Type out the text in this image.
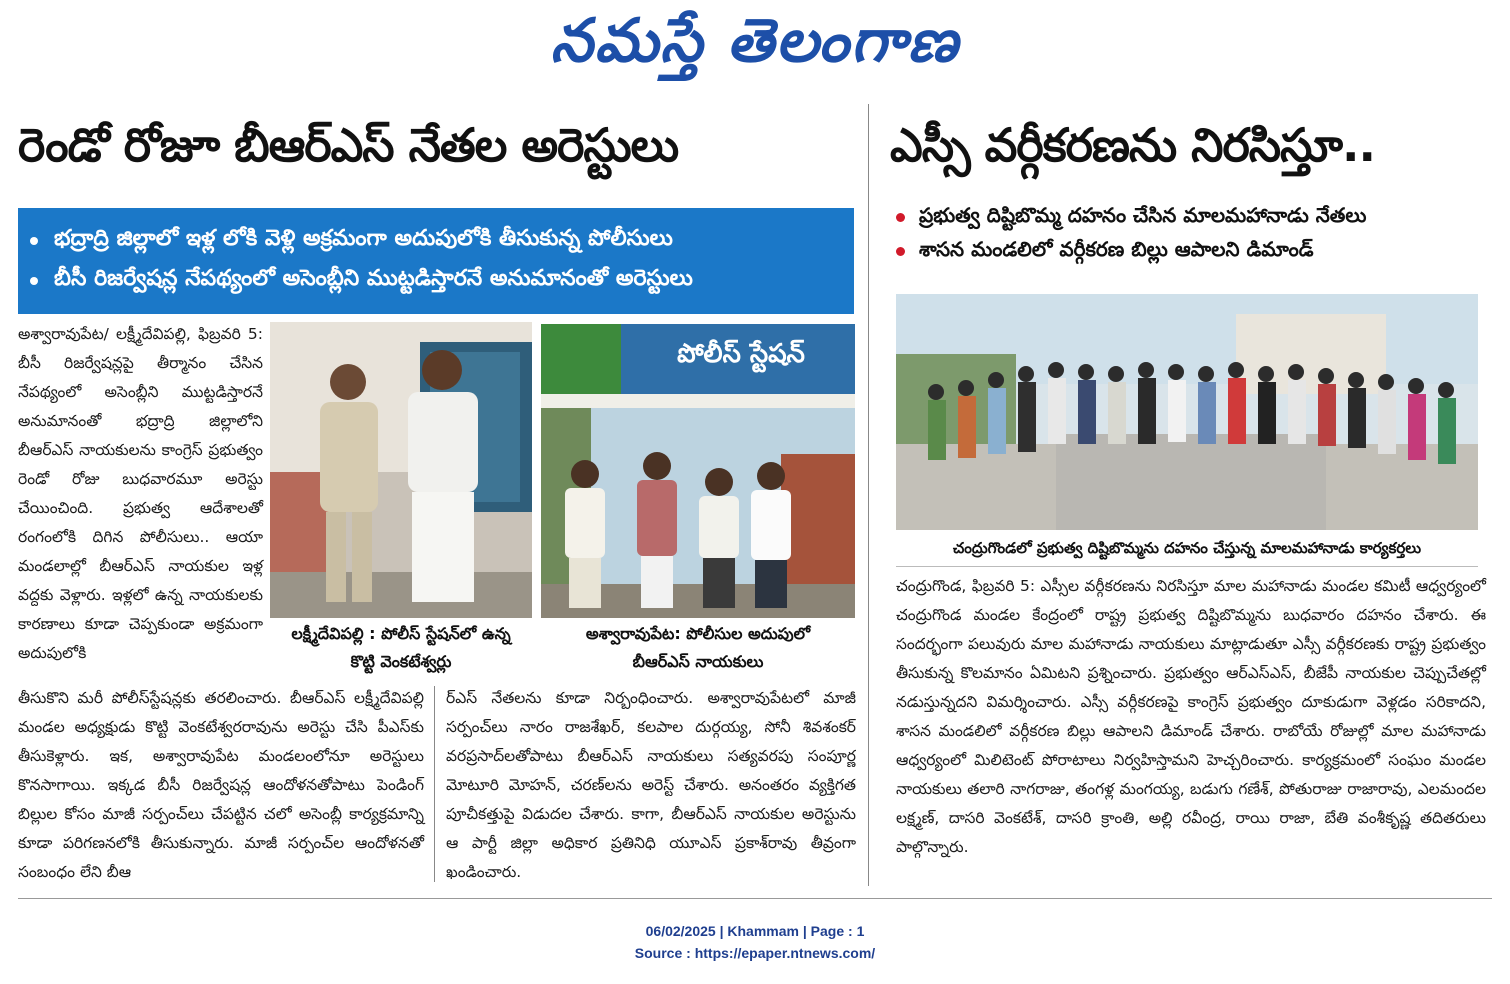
నమస్తే తెలంగాణ
రెండో రోజూ బీఆర్ఎస్ నేతల అరెస్టులు
భద్రాద్రి జిల్లాలో ఇళ్ల లోకి వెళ్లి అక్రమంగా అదుపులోకి తీసుకున్న పోలీసులు
బీసీ రిజర్వేషన్ల నేపథ్యంలో అసెంబ్లీని ముట్టడిస్తారనే అనుమానంతో అరెస్టులు
అశ్వారావుపేట/ లక్ష్మీదేవిపల్లి, ఫిబ్రవరి 5: బీసీ రిజర్వేషన్లపై తీర్మానం చేసిన నేపథ్యంలో అసెంబ్లీని ముట్టడిస్తారనే అనుమానంతో భద్రాద్రి జిల్లాలోని బీఆర్ఎస్ నాయకులను కాంగ్రెస్ ప్రభుత్వం రెండో రోజు బుధవారమూ అరెస్టు చేయించింది. ప్రభుత్వ ఆదేశాలతో రంగంలోకి దిగిన పోలీసులు.. ఆయా మండలాల్లో బీఆర్ఎస్ నాయకుల ఇళ్ల వద్దకు వెళ్లారు. ఇళ్లలో ఉన్న నాయకులకు కారణాలు కూడా చెప్పకుండా అక్రమంగా అదుపులోకి
లక్ష్మీదేవిపల్లి : పోలీస్ స్టేషన్‌లో ఉన్న
కొట్టి వెంకటేశ్వర్లు
పోలీస్ స్టేషన్
అశ్వారావుపేట: పోలీసుల అదుపులో
బీఆర్ఎస్ నాయకులు
తీసుకొని మరీ పోలీస్‌స్టేషన్లకు తరలించారు. బీఆర్ఎస్ లక్ష్మీదేవిపల్లి మండల అధ్యక్షుడు కొట్టి వెంకటేశ్వరరావును అరెస్టు చేసి పీఎస్‌కు తీసుకెళ్లారు. ఇక, అశ్వారావుపేట మండలంలోనూ అరెస్టులు కొనసాగాయి. ఇక్కడ బీసీ రిజర్వేషన్ల ఆందోళనతోపాటు పెండింగ్ బిల్లుల కోసం మాజీ సర్పంచ్‌లు చేపట్టిన చలో అసెంబ్లీ కార్యక్రమాన్ని కూడా పరిగణనలోకి తీసుకున్నారు. మాజీ సర్పంచ్‌ల ఆందోళనతో సంబంధం లేని బీఆ
ర్ఎస్ నేతలను కూడా నిర్బంధించారు. అశ్వారావుపేటలో మాజీ సర్పంచ్‌లు నారం రాజశేఖర్, కలపాల దుర్గయ్య, సోనీ శివశంకర్ వరప్రసాద్‌లతోపాటు బీఆర్ఎస్ నాయకులు సత్యవరపు సంపూర్ణ మోటూరి మోహన్, చరణ్‌లను అరెస్ట్ చేశారు. అనంతరం వ్యక్తిగత పూచీకత్తుపై విడుదల చేశారు. కాగా, బీఆర్ఎస్ నాయకుల అరెస్టును ఆ పార్టీ జిల్లా అధికార ప్రతినిధి యూఎస్ ప్రకాశ్‌రావు తీవ్రంగా ఖండించారు.
ఎస్సీ వర్గీకరణను నిరసిస్తూ..
ప్రభుత్వ దిష్టిబొమ్మ దహనం చేసిన మాలమహానాడు నేతలు
శాసన మండలిలో వర్గీకరణ బిల్లు ఆపాలని డిమాండ్
చంద్రుగొండలో ప్రభుత్వ దిష్టిబొమ్మను దహనం చేస్తున్న మాలమహానాడు కార్యకర్తలు
చంద్రుగొండ, ఫిబ్రవరి 5: ఎస్సీల వర్గీకరణను నిరసిస్తూ మాల మహానాడు మండల కమిటీ ఆధ్వర్యంలో చంద్రుగొండ మండల కేంద్రంలో రాష్ట్ర ప్రభుత్వ దిష్టిబొమ్మను బుధవారం దహనం చేశారు. ఈ సందర్భంగా పలువురు మాల మహానాడు నాయకులు మాట్లాడుతూ ఎస్సీ వర్గీకరణకు రాష్ట్ర ప్రభుత్వం తీసుకున్న కొలమానం ఏమిటని ప్రశ్నించారు. ప్రభుత్వం ఆర్ఎస్ఎస్, బీజేపీ నాయకుల చెప్పుచేతల్లో నడుస్తున్నదని విమర్శించారు. ఎస్సీ వర్గీకరణపై కాంగ్రెస్ ప్రభుత్వం దూకుడుగా వెళ్లడం సరికాదని, శాసన మండలిలో వర్గీకరణ బిల్లు ఆపాలని డిమాండ్ చేశారు. రాబోయే రోజుల్లో మాల మహానాడు ఆధ్వర్యంలో మిలిటెంట్ పోరాటాలు నిర్వహిస్తామని హెచ్చరించారు. కార్యక్రమంలో సంఘం మండల నాయకులు తలారి నాగరాజు, తంగళ్ల మంగయ్య, బడుగు గణేశ్, పోతురాజు రాజారావు, ఎలమందల లక్ష్మణ్, దాసరి వెంకటేశ్, దాసరి క్రాంతి, అల్లి రవీంద్ర, రాయి రాజా, బేతి వంశీకృష్ణ తదితరులు పాల్గొన్నారు.
06/02/2025 | Khammam | Page : 1
Source : https://epaper.ntnews.com/
